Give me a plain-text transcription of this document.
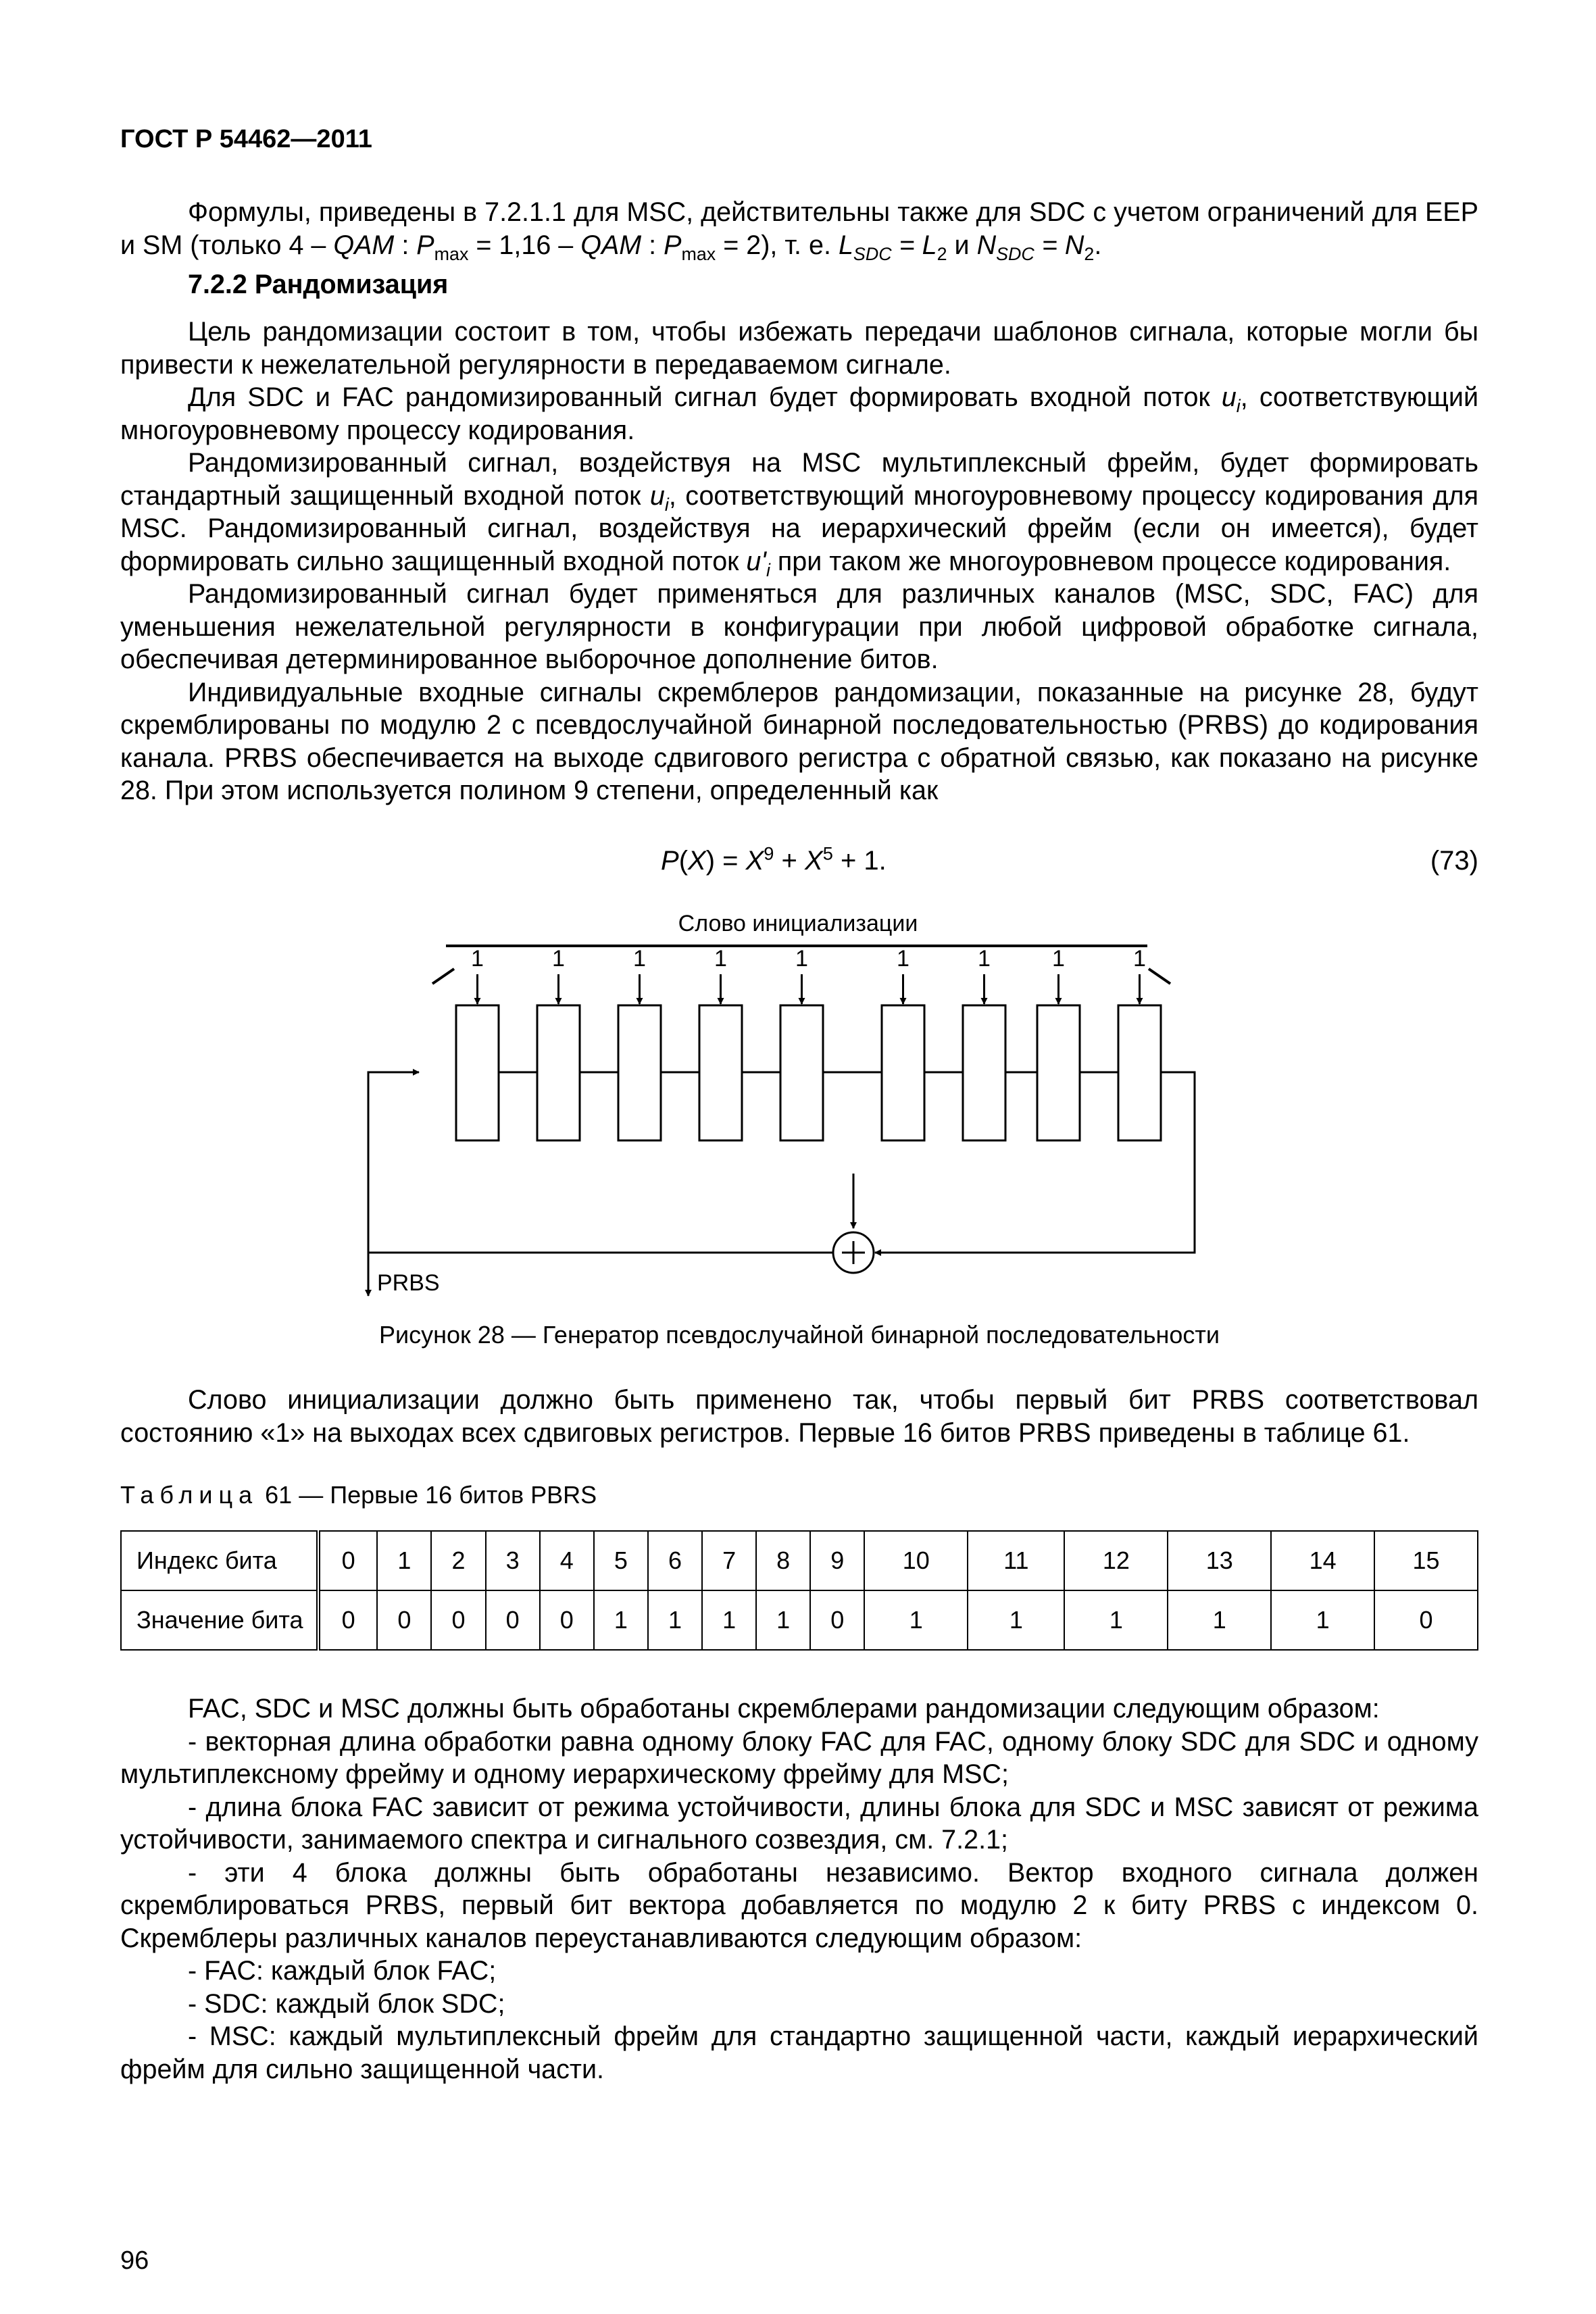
ГОСТ Р 54462—2011

Формулы, приведены в 7.2.1.1 для MSC, действительны также для SDC с учетом ограничений для EEP и SM (только 4 – QAM : $P_{max} = 1,16$ – QAM : $P_{max} = 2$), т. е. $L_{SDC} = L_2$ и $N_{SDC} = N_2$.

7.2.2 Рандомизация

Цель рандомизации состоит в том, чтобы избежать передачи шаблонов сигнала, которые могли бы привести к нежелательной регулярности в передаваемом сигнале.

Для SDC и FAC рандомизированный сигнал будет формировать входной поток $u_i$, соответствующий многоуровневому процессу кодирования.

Рандомизированный сигнал, воздействуя на MSC мультиплексный фрейм, будет формировать стандартный защищенный входной поток $u_i$, соответствующий многоуровневому процессу кодирования для MSC. Рандомизированный сигнал, воздействуя на иерархический фрейм (если он имеется), будет формировать сильно защищенный входной поток $u'_i$ при таком же многоуровневом процессе кодирования.

Рандомизированный сигнал будет применяться для различных каналов (MSC, SDC, FAC) для уменьшения нежелательной регулярности в конфигурации при любой цифровой обработке сигнала, обеспечивая детерминированное выборочное дополнение битов.

Индивидуальные входные сигналы скремблеров рандомизации, показанные на рисунке 28, будут скремблированы по модулю 2 с псевдослучайной бинарной последовательностью (PRBS) до кодирования канала. PRBS обеспечивается на выходе сдвигового регистра с обратной связью, как показано на рисунке 28. При этом используется полином 9 степени, определенный как

$P(X) = X^9 + X^5 + 1$.	(73)
Слово инициализации
1	1	1	1	1	1	1	1	1
PRBS
Рисунок 28 — Генератор псевдослучайной бинарной последовательности

Слово инициализации должно быть применено так, чтобы первый бит PRBS соответствовал состоянию «1» на выходах всех сдвиговых регистров. Первые 16 битов PRBS приведены в таблице 61.

Таблица 61 — Первые 16 битов PBRS
Индекс бита	0	1	2	3	4	5	6	7	8	9	10	11	12	13	14	15
Значение бита	0	0	0	0	0	1	1	1	1	0	1	1	1	1	1	0

FAC, SDC и MSC должны быть обработаны скремблерами рандомизации следующим образом:

- векторная длина обработки равна одному блоку FAC для FAC, одному блоку SDC для SDC и одному мультиплексному фрейму и одному иерархическому фрейму для MSC;

- длина блока FAC зависит от режима устойчивости, длины блока для SDC и MSC зависят от режима устойчивости, занимаемого спектра и сигнального созвездия, см. 7.2.1;

- эти 4 блока должны быть обработаны независимо. Вектор входного сигнала должен скремблироваться PRBS, первый бит вектора добавляется по модулю 2 к биту PRBS с индексом 0. Скремблеры различных каналов переустанавливаются следующим образом:

- FAC: каждый блок FAC;

- SDC: каждый блок SDC;

- MSC: каждый мультиплексный фрейм для стандартно защищенной части, каждый иерархический фрейм для сильно защищенной части.

96
